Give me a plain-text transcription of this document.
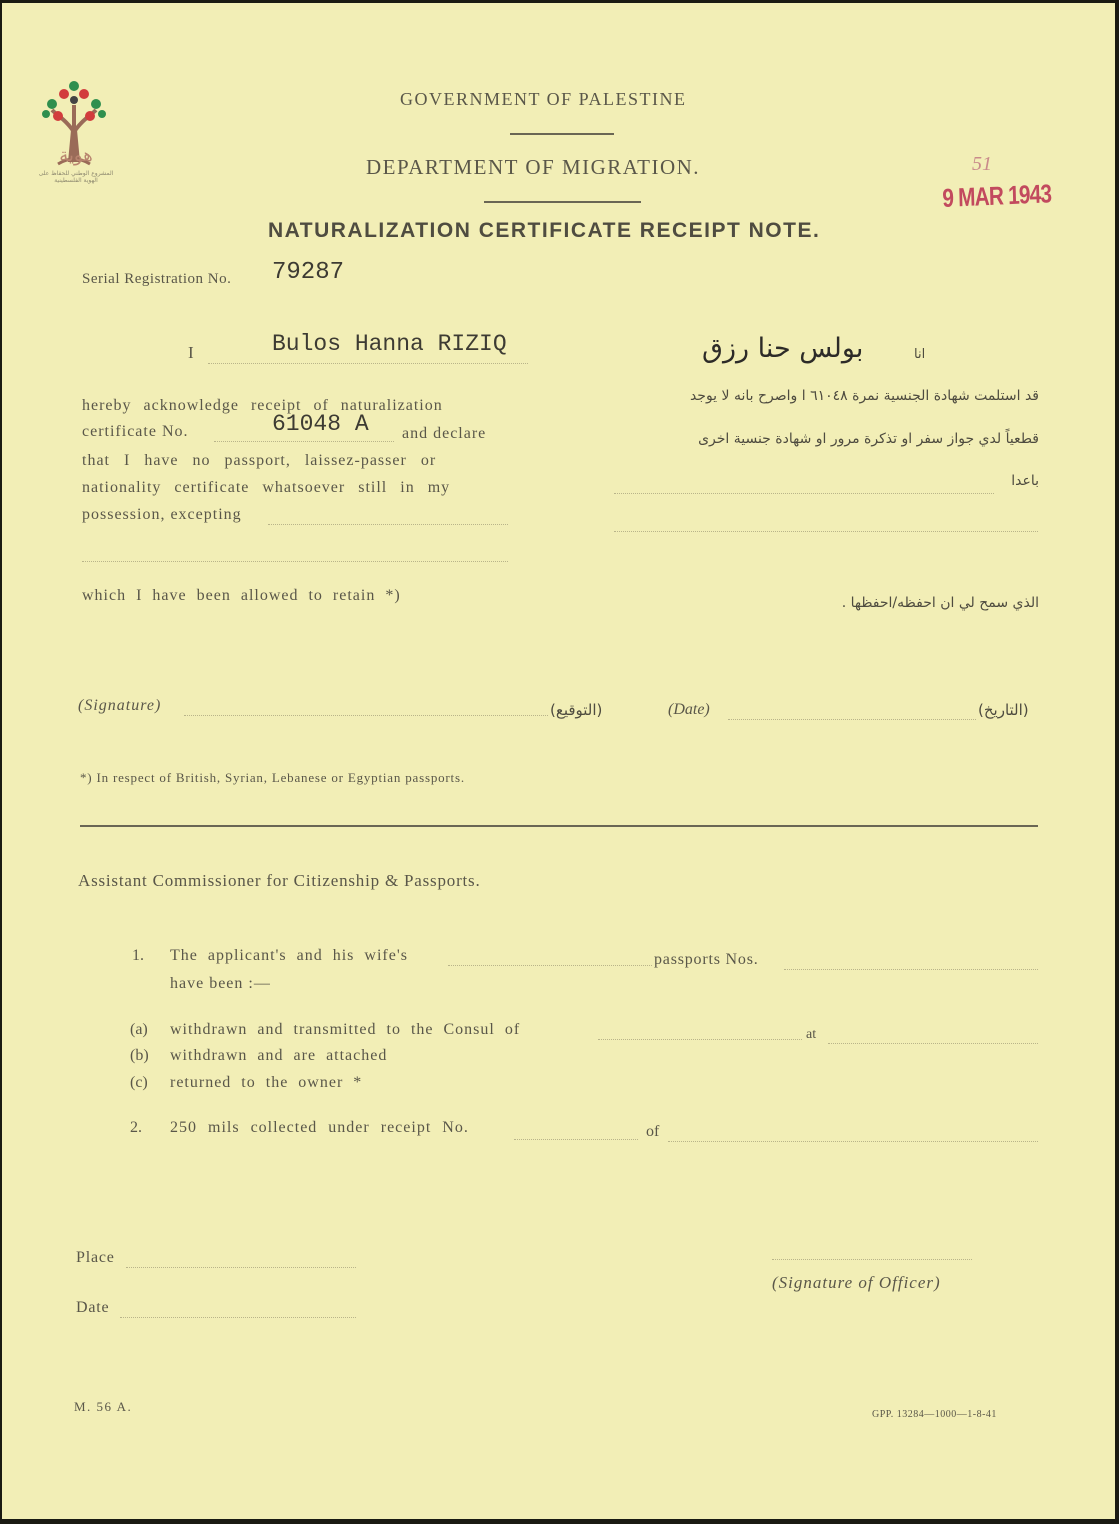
هوية
المشروع الوطني للحفاظ على الهوية الفلسطينية
GOVERNMENT OF PALESTINE
DEPARTMENT OF MIGRATION.
NATURALIZATION CERTIFICATE RECEIPT NOTE.
51
9 MAR 1943
Serial Registration No. 79287
I	Bulos Hanna RIZIQ	بولس حنا رزق	انا
hereby acknowledge receipt of naturalization
certificate No.	61048 A and declare
that I have no passport, laissez-passer or
nationality certificate whatsoever still in my
possession, excepting
قد استلمت شهادة الجنسية نمرة ٦١٠٤٨ ا واصرح بانه لا يوجد
قطعياً لدي جواز سفر او تذكرة مرور او شهادة جنسية اخرى
باعدا
which I have been allowed to retain *)	الذي سمح لي ان احفظه/احفظها .
(Signature)	(التوقيع)	(Date)	(التاريخ)
*) In respect of British, Syrian, Lebanese or Egyptian passports.
Assistant Commissioner for Citizenship & Passports.
1. The applicant's and his wife's	passports Nos.
have been :—
(a) withdrawn and transmitted to the Consul of	at
(b) withdrawn and are attached
(c) returned to the owner *
2. 250 mils collected under receipt No.	of
Place
Date
(Signature of Officer)
M. 56 A.
GPP. 13284—1000—1-8-41
